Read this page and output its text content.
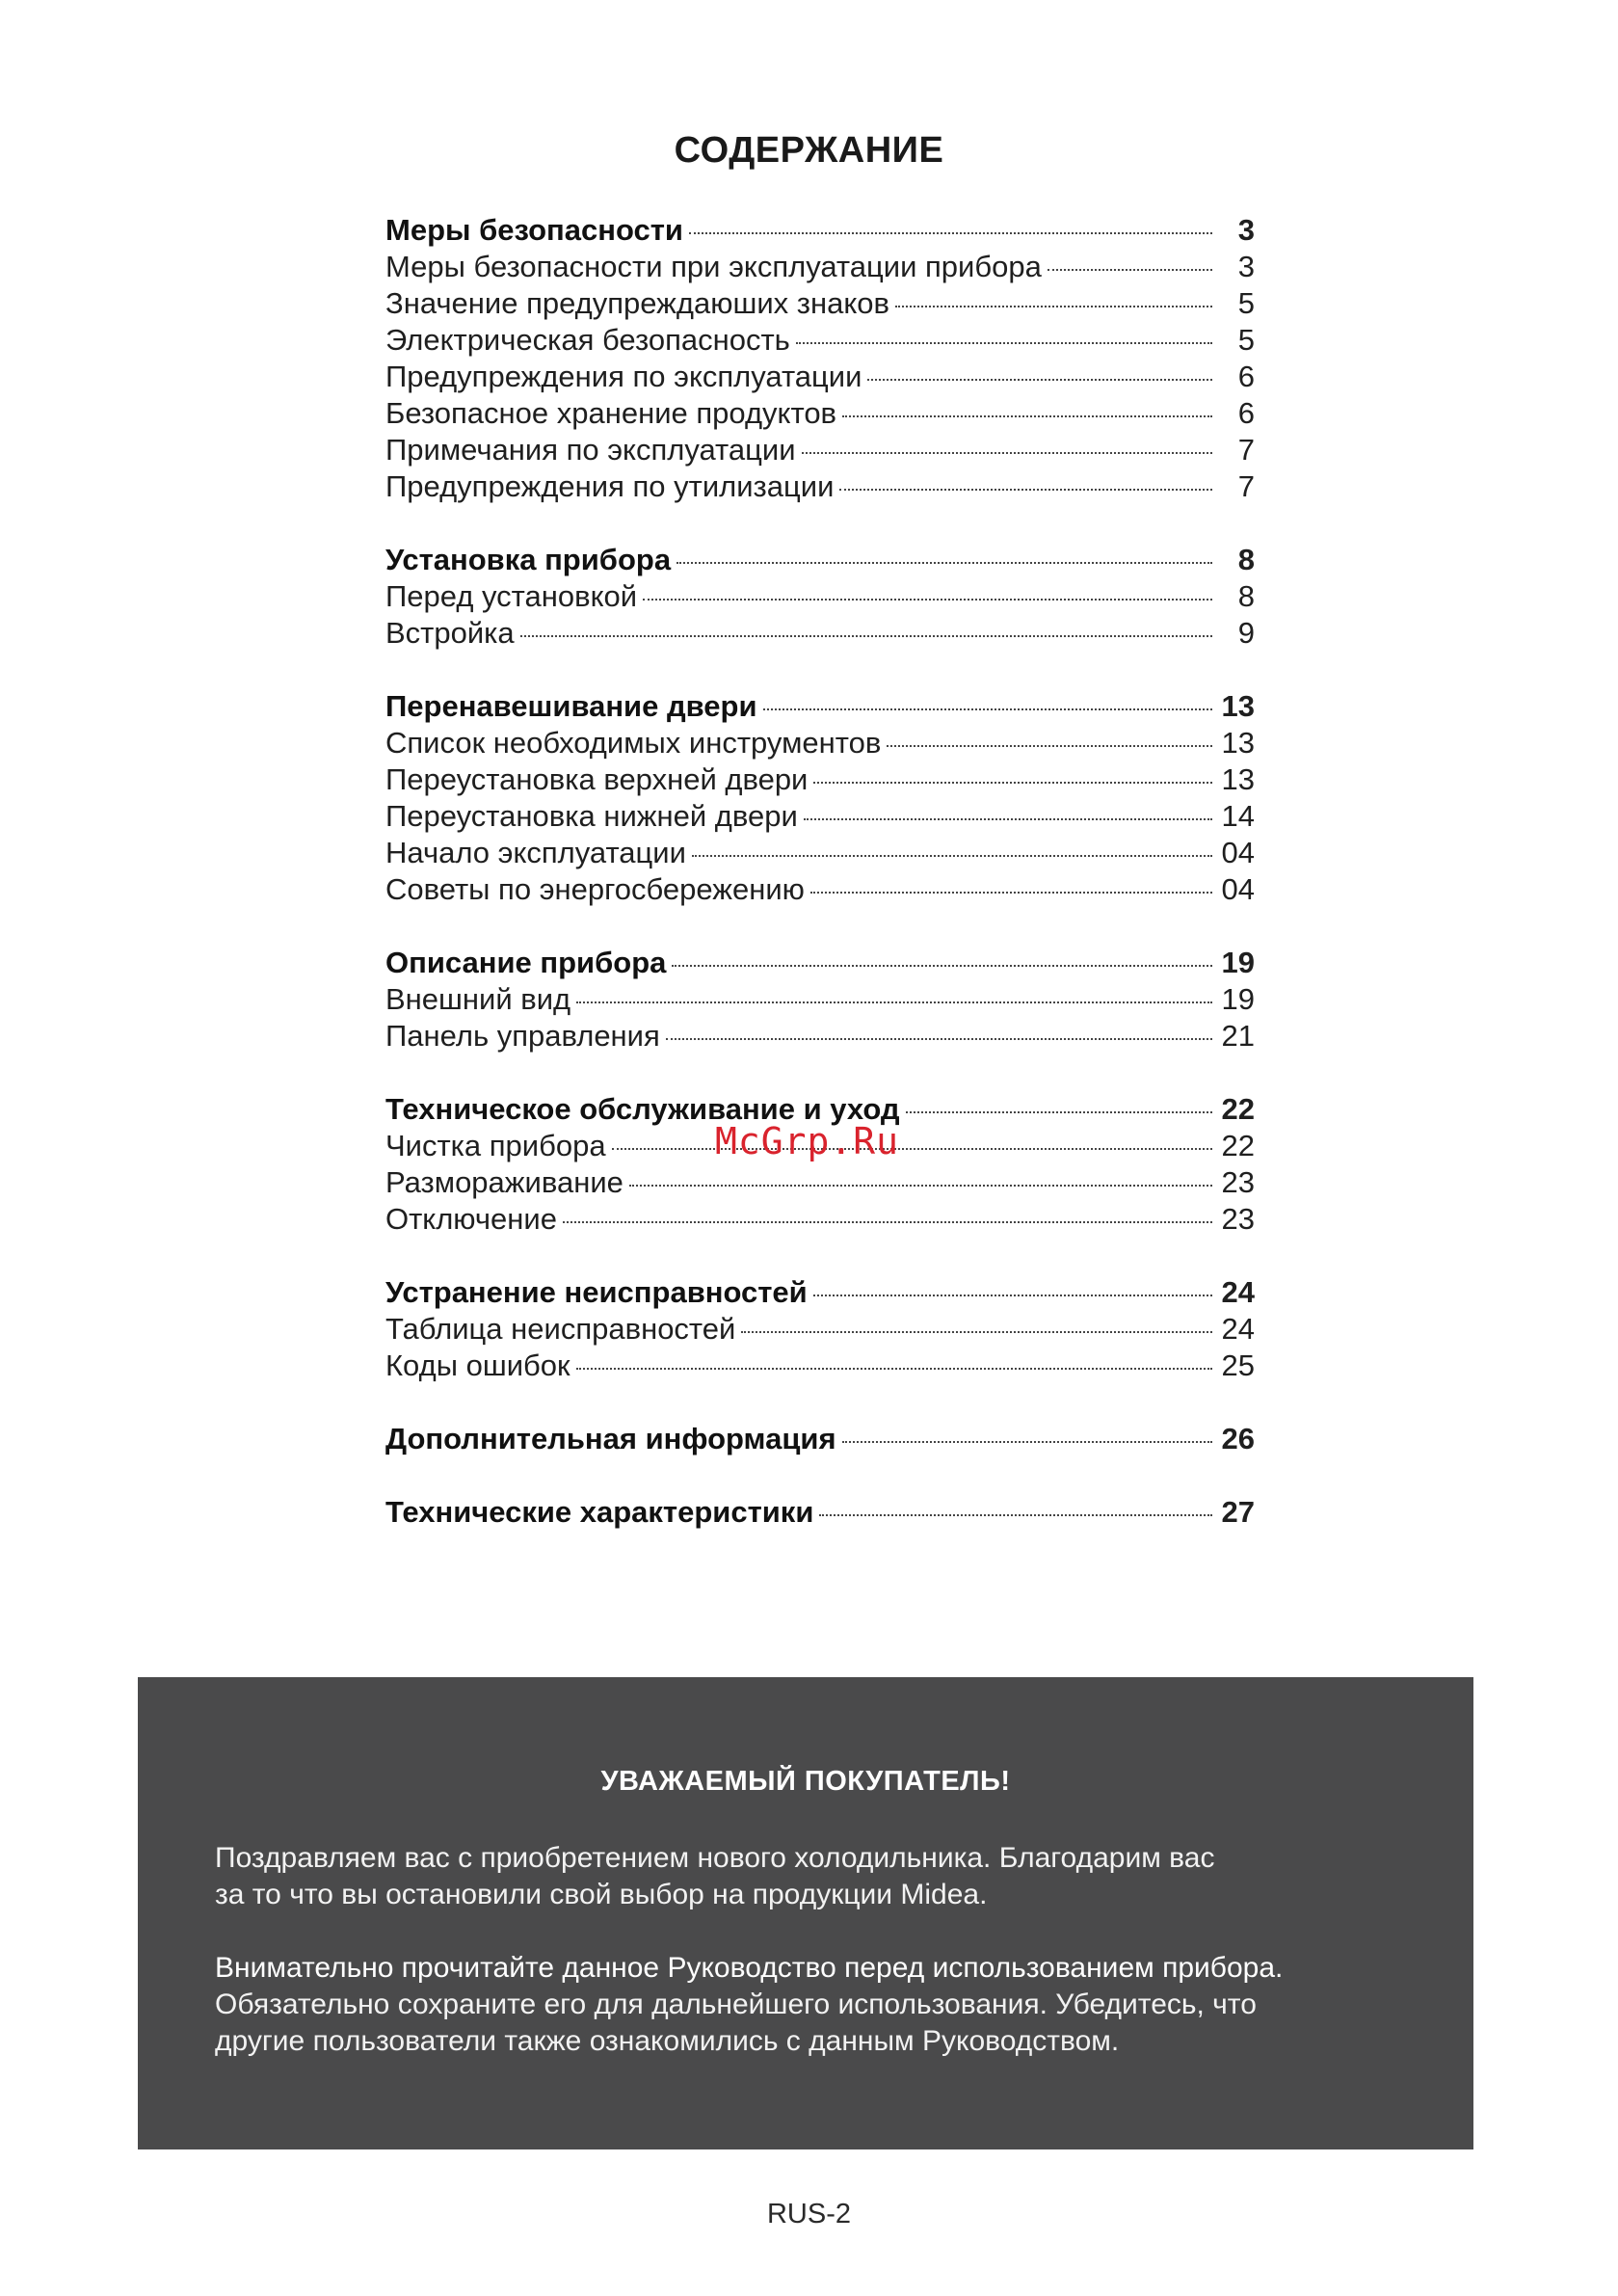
СОДЕРЖАНИЕ
Меры безопасности	3
Меры безопасности при эксплуатации прибора	3
Значение предупреждаюших знаков	5
Электрическая безопасность	5
Предупреждения по эксплуатации	6
Безопасное хранение продуктов	6
Примечания по эксплуатации	7
Предупреждения по утилизации	7
Установка прибора	8
Перед установкой	8
Встройка	9
Перенавешивание двери	13
Список необходимых инструментов	13
Переустановка верхней двери	13
Переустановка нижней двери	14
Начало эксплуатации	04
Советы по энергосбережению	04
Описание прибора	19
Внешний вид	19
Панель управления	21
Техническое обслуживание и уход	22
Чистка прибора	22
Размораживание	23
Отключение	23
Устранение неисправностей	24
Таблица неисправностей	24
Коды ошибок	25
Дополнительная информация	26
Технические характеристики	27
McGrp.Ru
УВАЖАЕМЫЙ ПОКУПАТЕЛЬ!

Поздравляем вас с приобретением нового холодильника. Благодарим вас
за то что вы остановили свой выбор на продукции Midea.

Внимательно прочитайте данное Руководство перед использованием прибора.
Обязательно сохраните его для дальнейшего использования. Убедитесь, что
другие пользователи также ознакомились с данным Руководством.

RUS-2
